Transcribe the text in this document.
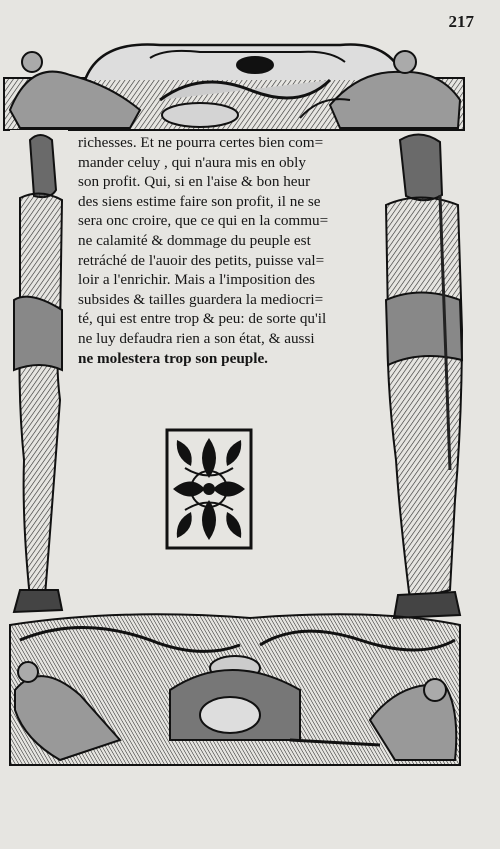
217
richesses. Et ne pourra certes bien com=
mander celuy , qui n'aura mis en obly
son profit. Qui, si en l'aise & bon heur
des siens estime faire son profit, il ne se
sera onc croire, que ce qui en la commu=
ne calamité & dommage du peuple est
retráché de l'auoir des petits, puisse val=
loir a l'enrichir. Mais a l'imposition des
subsides & tailles guardera la mediocri=
té, qui est entre trop & peu: de sorte qu'il
ne luy defaudra rien a son état, & aussi
ne molestera trop son peuple.
